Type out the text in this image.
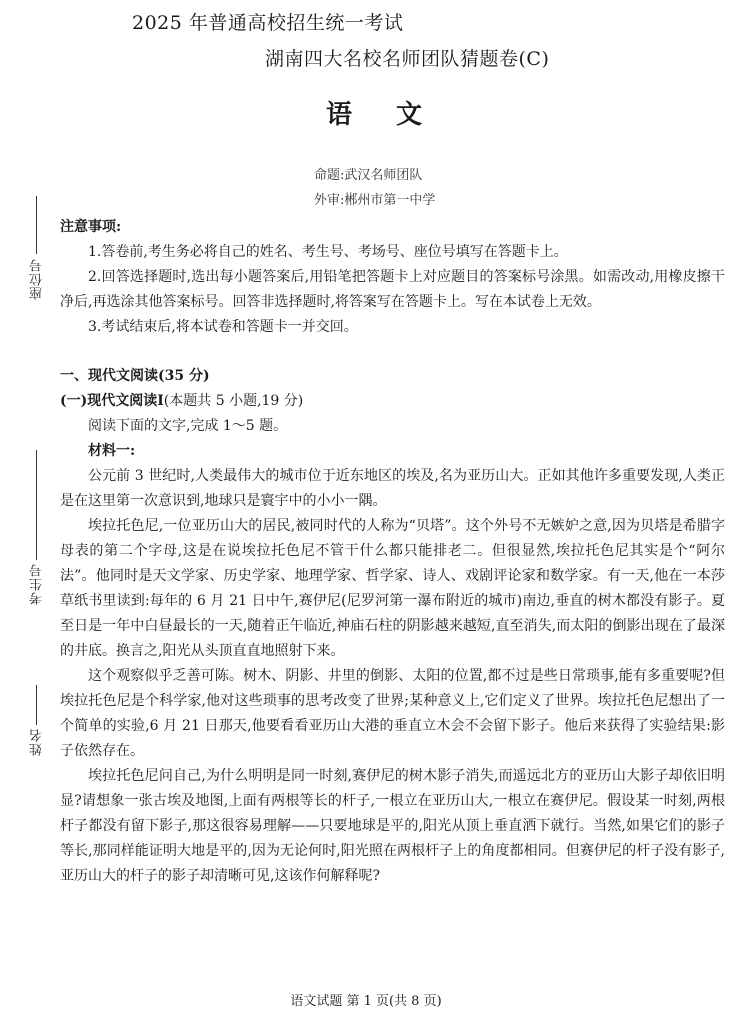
2025 年普通高校招生统一考试
湖南四大名校名师团队猜题卷(C)
语文
命题:武汉名师团队
外审:郴州市第一中学
座位号
考生号
姓名

注意事项:

1.答卷前,考生务必将自己的姓名、考生号、考场号、座位号填写在答题卡上。

2.回答选择题时,选出每小题答案后,用铅笔把答题卡上对应题目的答案标号涂黑。如需改动,用橡皮擦干净后,再选涂其他答案标号。回答非选择题时,将答案写在答题卡上。写在本试卷上无效。

3.考试结束后,将本试卷和答题卡一并交回。

一、现代文阅读(35 分)

(一)现代文阅读Ⅰ(本题共 5 小题,19 分)

阅读下面的文字,完成 1～5 题。

材料一:

公元前 3 世纪时,人类最伟大的城市位于近东地区的埃及,名为亚历山大。正如其他许多重要发现,人类正是在这里第一次意识到,地球只是寰宇中的小小一隅。

埃拉托色尼,一位亚历山大的居民,被同时代的人称为“贝塔”。这个外号不无嫉妒之意,因为贝塔是希腊字母表的第二个字母,这是在说埃拉托色尼不管干什么都只能排老二。但很显然,埃拉托色尼其实是个“阿尔法”。他同时是天文学家、历史学家、地理学家、哲学家、诗人、戏剧评论家和数学家。有一天,他在一本莎草纸书里读到:每年的 6 月 21 日中午,赛伊尼(尼罗河第一瀑布附近的城市)南边,垂直的树木都没有影子。夏至日是一年中白昼最长的一天,随着正午临近,神庙石柱的阴影越来越短,直至消失,而太阳的倒影出现在了最深的井底。换言之,阳光从头顶直直地照射下来。

这个观察似乎乏善可陈。树木、阴影、井里的倒影、太阳的位置,都不过是些日常琐事,能有多重要呢?但埃拉托色尼是个科学家,他对这些琐事的思考改变了世界;某种意义上,它们定义了世界。埃拉托色尼想出了一个简单的实验,6 月 21 日那天,他要看看亚历山大港的垂直立木会不会留下影子。他后来获得了实验结果:影子依然存在。

埃拉托色尼问自己,为什么明明是同一时刻,赛伊尼的树木影子消失,而遥远北方的亚历山大影子却依旧明显?请想象一张古埃及地图,上面有两根等长的杆子,一根立在亚历山大,一根立在赛伊尼。假设某一时刻,两根杆子都没有留下影子,那这很容易理解——只要地球是平的,阳光从顶上垂直洒下就行。当然,如果它们的影子等长,那同样能证明大地是平的,因为无论何时,阳光照在两根杆子上的角度都相同。但赛伊尼的杆子没有影子,亚历山大的杆子的影子却清晰可见,这该作何解释呢?

语文试题 第 1 页(共 8 页)
